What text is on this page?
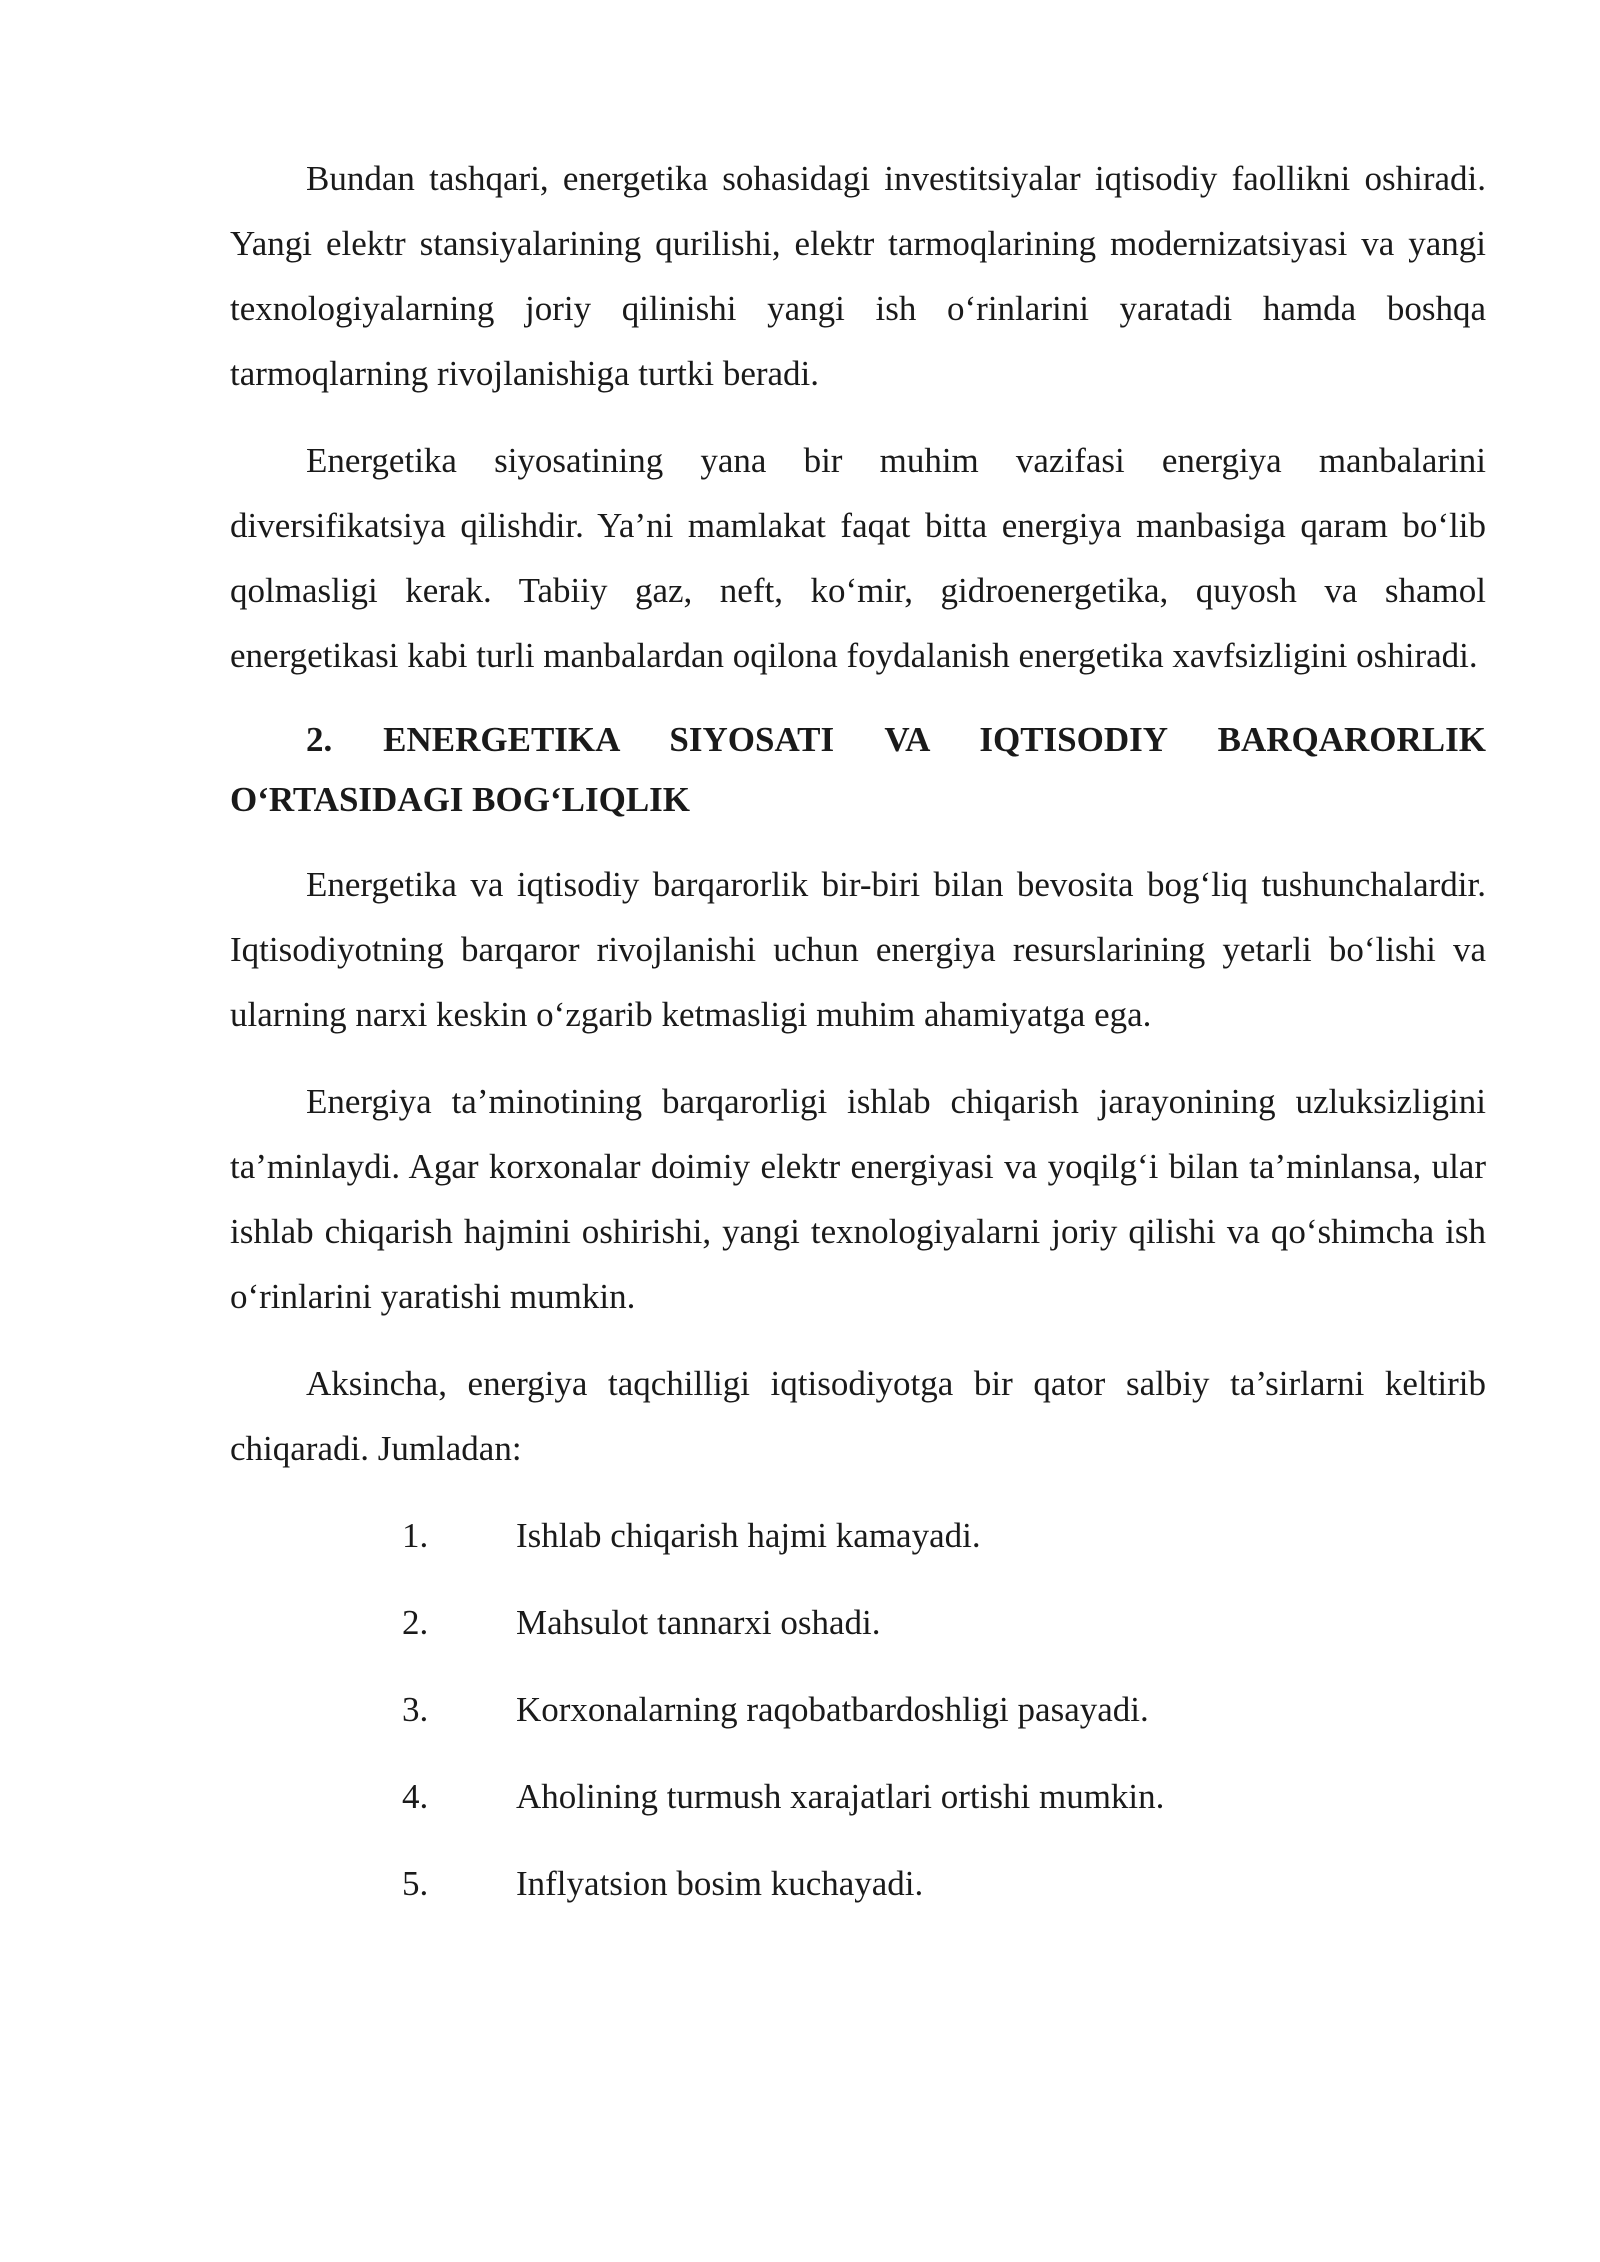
Bundan tashqari, energetika sohasidagi investitsiyalar iqtisodiy faollikni oshiradi. Yangi elektr stansiyalarining qurilishi, elektr tarmoqlarining modernizatsiyasi va yangi texnologiyalarning joriy qilinishi yangi ish o‘rinlarini yaratadi hamda boshqa tarmoqlarning rivojlanishiga turtki beradi.

Energetika siyosatining yana bir muhim vazifasi energiya manbalarini diversifikatsiya qilishdir. Ya’ni mamlakat faqat bitta energiya manbasiga qaram bo‘lib qolmasligi kerak. Tabiiy gaz, neft, ko‘mir, gidroenergetika, quyosh va shamol energetikasi kabi turli manbalardan oqilona foydalanish energetika xavfsizligini oshiradi.

2. ENERGETIKA SIYOSATI VA IQTISODIY BARQARORLIK O‘RTASIDAGI BOG‘LIQLIK

Energetika va iqtisodiy barqarorlik bir-biri bilan bevosita bog‘liq tushunchalardir. Iqtisodiyotning barqaror rivojlanishi uchun energiya resurslarining yetarli bo‘lishi va ularning narxi keskin o‘zgarib ketmasligi muhim ahamiyatga ega.

Energiya ta’minotining barqarorligi ishlab chiqarish jarayonining uzluksizligini ta’minlaydi. Agar korxonalar doimiy elektr energiyasi va yoqilg‘i bilan ta’minlansa, ular ishlab chiqarish hajmini oshirishi, yangi texnologiyalarni joriy qilishi va qo‘shimcha ish o‘rinlarini yaratishi mumkin.

Aksincha, energiya taqchilligi iqtisodiyotga bir qator salbiy ta’sirlarni keltirib chiqaradi. Jumladan:

1.	Ishlab chiqarish hajmi kamayadi.
2.	Mahsulot tannarxi oshadi.
3.	Korxonalarning raqobatbardoshligi pasayadi.
4.	Aholining turmush xarajatlari ortishi mumkin.
5.	Inflyatsion bosim kuchayadi.
